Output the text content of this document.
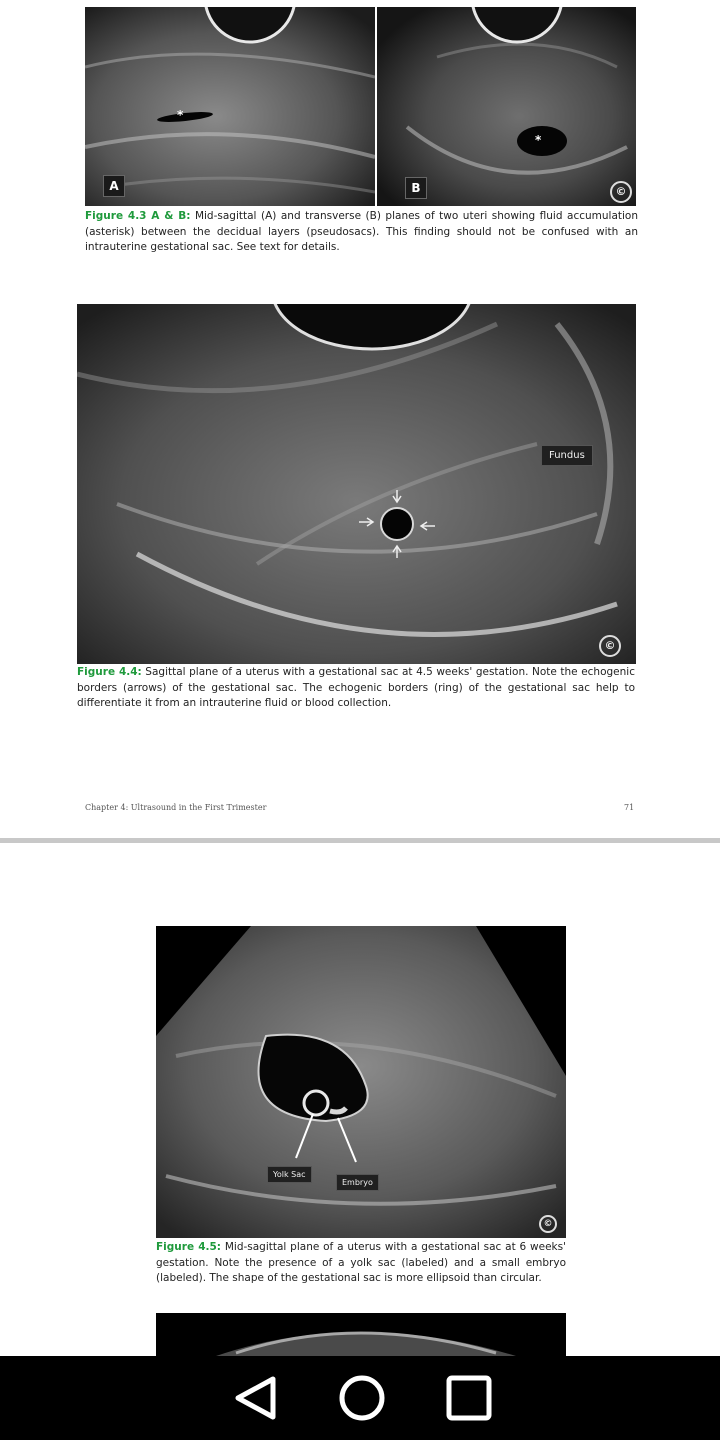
*
A
*
B	©
Figure 4.3 A & B: Mid-sagittal (A) and transverse (B) planes of two uteri showing fluid accumulation (asterisk) between the decidual layers (pseudosacs). This finding should not be confused with an intrauterine gestational sac. See text for details.
Fundus
©
Figure 4.4: Sagittal plane of a uterus with a gestational sac at 4.5 weeks' gestation. Note the echogenic borders (arrows) of the gestational sac. The echogenic borders (ring) of the gestational sac help to differentiate it from an intrauterine fluid or blood collection.
Chapter 4: Ultrasound in the First Trimester	71
Yolk Sac
Embryo
©
Figure 4.5: Mid-sagittal plane of a uterus with a gestational sac at 6 weeks' gestation. Note the presence of a yolk sac (labeled) and a small embryo (labeled). The shape of the gestational sac is more ellipsoid than circular.
